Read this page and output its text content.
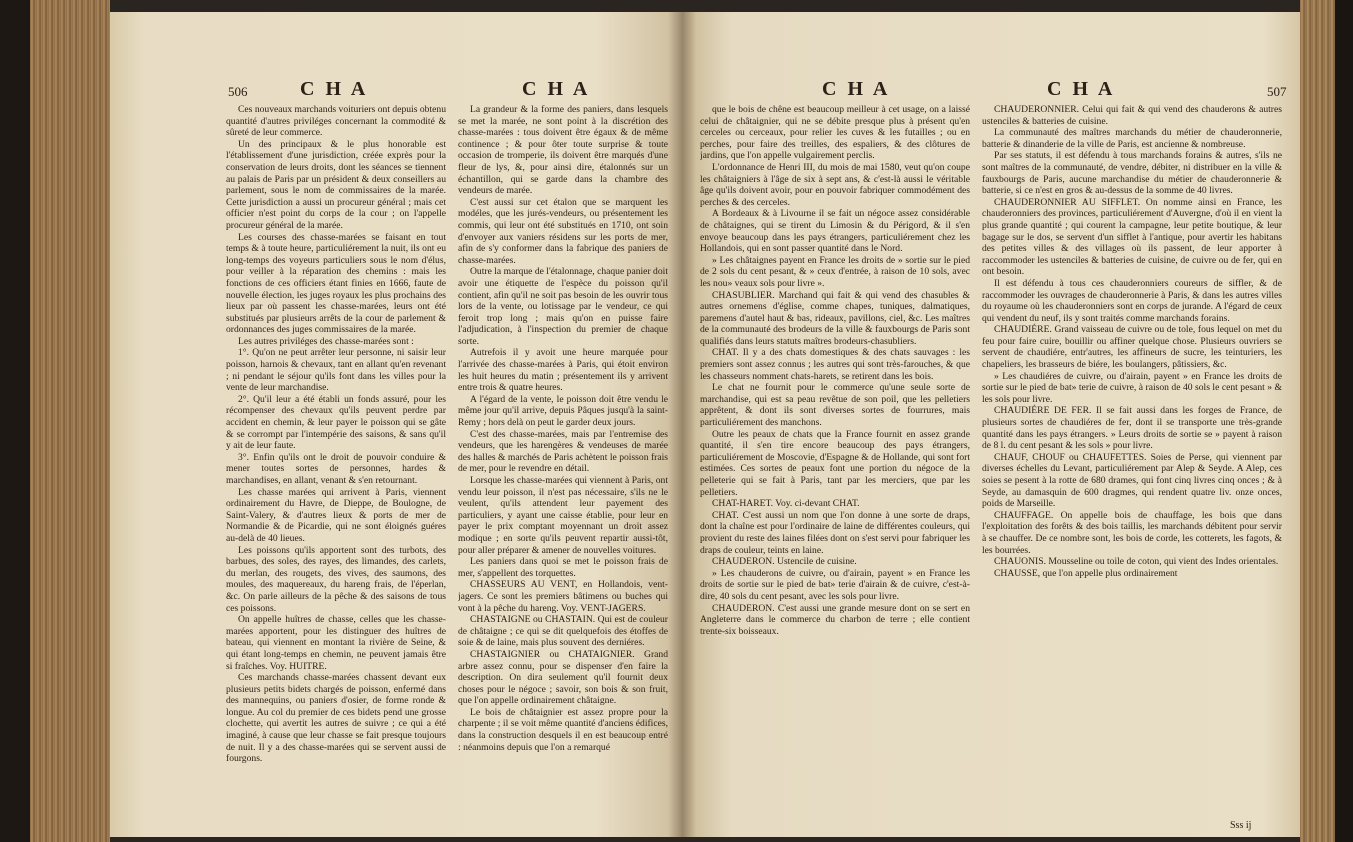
506	C H A	C H A

Ces nouveaux marchands voituriers ont depuis obtenu quantité d'autres priviléges concernant la commodité & sûreté de leur commerce.

Un des principaux & le plus honorable est l'établissement d'une jurisdiction, créée exprès pour la conservation de leurs droits, dont les séances se tiennent au palais de Paris par un président & deux conseillers au parlement, sous le nom de commissaires de la marée. Cette jurisdiction a aussi un procureur général ; mais cet officier n'est point du corps de la cour ; on l'appelle procureur général de la marée.

Les courses des chasse-marées se faisant en tout temps & à toute heure, particuliérement la nuit, ils ont eu long-temps des voyeurs particuliers sous le nom d'élus, pour veiller à la réparation des chemins : mais les fonctions de ces officiers étant finies en 1666, faute de nouvelle élection, les juges royaux les plus prochains des lieux par où passent les chasse-marées, leurs ont été substitués par plusieurs arrêts de la cour de parlement & ordonnances des juges commissaires de la marée.

Les autres priviléges des chasse-marées sont :

1°. Qu'on ne peut arrêter leur personne, ni saisir leur poisson, harnois & chevaux, tant en allant qu'en revenant ; ni pendant le séjour qu'ils font dans les villes pour la vente de leur marchandise.

2°. Qu'il leur a été établi un fonds assuré, pour les récompenser des chevaux qu'ils peuvent perdre par accident en chemin, & leur payer le poisson qui se gâte & se corrompt par l'intempérie des saisons, & sans qu'il y ait de leur faute.

3°. Enfin qu'ils ont le droit de pouvoir conduire & mener toutes sortes de personnes, hardes & marchandises, en allant, venant & s'en retournant.

Les chasse marées qui arrivent à Paris, viennent ordinairement du Havre, de Dieppe, de Boulogne, de Saint-Valery, & d'autres lieux & ports de mer de Normandie & de Picardie, qui ne sont éloignés guéres au-delà de 40 lieues.

Les poissons qu'ils apportent sont des turbots, des barbues, des soles, des rayes, des limandes, des carlets, du merlan, des rougets, des vives, des saumons, des moules, des maquereaux, du hareng frais, de l'éperlan, &c. On parle ailleurs de la pêche & des saisons de tous ces poissons.

On appelle huîtres de chasse, celles que les chasse-marées apportent, pour les distinguer des huîtres de bateau, qui viennent en montant la rivière de Seine, & qui étant long-temps en chemin, ne peuvent jamais être si fraîches. Voy. HUITRE.

Ces marchands chasse-marées chassent devant eux plusieurs petits bidets chargés de poisson, enfermé dans des mannequins, ou paniers d'osier, de forme ronde & longue. Au col du premier de ces bidets pend une grosse clochette, qui avertit les autres de suivre ; ce qui a été imaginé, à cause que leur chasse se fait presque toujours de nuit. Il y a des chasse-marées qui se servent aussi de fourgons.

La grandeur & la forme des paniers, dans lesquels se met la marée, ne sont point à la discrétion des chasse-marées : tous doivent être égaux & de même continence ; & pour ôter toute surprise & toute occasion de tromperie, ils doivent être marqués d'une fleur de lys, &, pour ainsi dire, étalonnés sur un échantillon, qui se garde dans la chambre des vendeurs de marée.

C'est aussi sur cet étalon que se marquent les modéles, que les jurés-vendeurs, ou présentement les commis, qui leur ont été substitués en 1710, ont soin d'envoyer aux vaniers résidens sur les ports de mer, afin de s'y conformer dans la fabrique des paniers de chasse-marées.

Outre la marque de l'étalonnage, chaque panier doit avoir une étiquette de l'espèce du poisson qu'il contient, afin qu'il ne soit pas besoin de les ouvrir tous lors de la vente, ou lotissage par le vendeur, ce qui feroit trop long ; mais qu'on en puisse faire l'adjudication, à l'inspection du premier de chaque sorte.

Autrefois il y avoit une heure marquée pour l'arrivée des chasse-marées à Paris, qui étoit environ les huit heures du matin ; présentement ils y arrivent entre trois & quatre heures.

A l'égard de la vente, le poisson doit être vendu le même jour qu'il arrive, depuis Pâques jusqu'à la saint-Remy ; hors delà on peut le garder deux jours.

C'est des chasse-marées, mais par l'entremise des vendeurs, que les harengères & vendeuses de marée des halles & marchés de Paris achètent le poisson frais de mer, pour le revendre en détail.

Lorsque les chasse-marées qui viennent à Paris, ont vendu leur poisson, il n'est pas nécessaire, s'ils ne le veulent, qu'ils attendent leur payement des particuliers, y ayant une caisse établie, pour leur en payer le prix comptant moyennant un droit assez modique ; en sorte qu'ils peuvent repartir aussi-tôt, pour aller préparer & amener de nouvelles voitures.

Les paniers dans quoi se met le poisson frais de mer, s'appellent des torquettes.

CHASSEURS AU VENT, en Hollandois, vent-jagers. Ce sont les premiers bâtimens ou buches qui vont à la pêche du hareng. Voy. VENT-JAGERS.

CHASTAIGNE ou CHASTAIN. Qui est de couleur de châtaigne ; ce qui se dit quelquefois des étoffes de soie & de laine, mais plus souvent des derniéres.

CHASTAIGNIER ou CHATAIGNIER. Grand arbre assez connu, pour se dispenser d'en faire la description. On dira seulement qu'il fournit deux choses pour le négoce ; savoir, son bois & son fruit, que l'on appelle ordinairement châtaigne.

Le bois de châtaignier est assez propre pour la charpente ; il se voit même quantité d'anciens édifices, dans la construction desquels il en est beaucoup entré : néanmoins depuis que l'on a remarqué

C H A	C H A	507

que le bois de chêne est beaucoup meilleur à cet usage, on a laissé celui de châtaignier, qui ne se débite presque plus à présent qu'en cerceles ou cerceaux, pour relier les cuves & les futailles ; ou en perches, pour faire des treilles, des espaliers, & des clôtures de jardins, que l'on appelle vulgairement perclis.

L'ordonnance de Henri III, du mois de mai 1580, veut qu'on coupe les châtaigniers à l'âge de six à sept ans, & c'est-là aussi le véritable âge qu'ils doivent avoir, pour en pouvoir fabriquer commodément des perches & des cerceles.

A Bordeaux & à Livourne il se fait un négoce assez considérable de châtaignes, qui se tirent du Limosin & du Périgord, & il s'en envoye beaucoup dans les pays étrangers, particuliérement chez les Hollandois, qui en sont passer quantité dans le Nord.

» Les châtaignes payent en France les droits de » sortie sur le pied de 2 sols du cent pesant, & » ceux d'entrée, à raison de 10 sols, avec les nou» veaux sols pour livre ».

CHASUBLIER. Marchand qui fait & qui vend des chasubles & autres ornemens d'église, comme chapes, tuniques, dalmatiques, paremens d'autel haut & bas, rideaux, pavillons, ciel, &c. Les maîtres de la communauté des brodeurs de la ville & fauxbourgs de Paris sont qualifiés dans leurs statuts maîtres brodeurs-chasubliers.

CHAT. Il y a des chats domestiques & des chats sauvages : les premiers sont assez connus ; les autres qui sont très-farouches, & que les chasseurs nomment chats-harets, se retirent dans les bois.

Le chat ne fournit pour le commerce qu'une seule sorte de marchandise, qui est sa peau revêtue de son poil, que les pelletiers apprêtent, & dont ils sont diverses sortes de fourrures, mais particuliérement des manchons.

Outre les peaux de chats que la France fournit en assez grande quantité, il s'en tire encore beaucoup des pays étrangers, particuliérement de Moscovie, d'Espagne & de Hollande, qui sont fort estimées. Ces sortes de peaux font une portion du négoce de la pelleterie qui se fait à Paris, tant par les merciers, que par les pelletiers.

CHAT-HARET. Voy. ci-devant CHAT.

CHAT. C'est aussi un nom que l'on donne à une sorte de draps, dont la chaîne est pour l'ordinaire de laine de différentes couleurs, qui provient du reste des laines filées dont on s'est servi pour fabriquer les draps de couleur, teints en laine.

CHAUDERON. Ustencile de cuisine.

» Les chauderons de cuivre, ou d'airain, payent » en France les droits de sortie sur le pied de bat» terie d'airain & de cuivre, c'est-à-dire, 40 sols du cent pesant, avec les sols pour livre.

CHAUDERON. C'est aussi une grande mesure dont on se sert en Angleterre dans le commerce du charbon de terre ; elle contient trente-six boisseaux.

CHAUDERONNIER. Celui qui fait & qui vend des chauderons & autres ustenciles & batteries de cuisine.

La communauté des maîtres marchands du métier de chauderonnerie, batterie & dinanderie de la ville de Paris, est ancienne & nombreuse.

Par ses statuts, il est défendu à tous marchands forains & autres, s'ils ne sont maîtres de la communauté, de vendre, débiter, ni distribuer en la ville & fauxbourgs de Paris, aucune marchandise du métier de chauderonnerie & batterie, si ce n'est en gros & au-dessus de la somme de 40 livres.

CHAUDERONNIER AU SIFFLET. On nomme ainsi en France, les chauderonniers des provinces, particuliérement d'Auvergne, d'où il en vient la plus grande quantité ; qui courent la campagne, leur petite boutique, & leur bagage sur le dos, se servent d'un sifflet à l'antique, pour avertir les habitans des petites villes & des villages où ils passent, de leur apporter à raccommoder les ustenciles & batteries de cuisine, de cuivre ou de fer, qui en ont besoin.

Il est défendu à tous ces chauderonniers coureurs de siffler, & de raccommoder les ouvrages de chauderonnerie à Paris, & dans les autres villes du royaume où les chauderonniers sont en corps de jurande. A l'égard de ceux qui vendent du neuf, ils y sont traités comme marchands forains.

CHAUDIÉRE. Grand vaisseau de cuivre ou de tole, fous lequel on met du feu pour faire cuire, bouillir ou affiner quelque chose. Plusieurs ouvriers se servent de chaudiére, entr'autres, les affineurs de sucre, les teinturiers, les chapeliers, les brasseurs de biére, les boulangers, pâtissiers, &c.

» Les chaudiéres de cuivre, ou d'airain, payent » en France les droits de sortie sur le pied de bat» terie de cuivre, à raison de 40 sols le cent pesant » & les sols pour livre.

CHAUDIÉRE DE FER. Il se fait aussi dans les forges de France, de plusieurs sortes de chaudiéres de fer, dont il se transporte une très-grande quantité dans les pays étrangers. » Leurs droits de sortie se » payent à raison de 8 l. du cent pesant & les sols » pour livre.

CHAUF, CHOUF ou CHAUFETTES. Soies de Perse, qui viennent par diverses échelles du Levant, particuliérement par Alep & Seyde. A Alep, ces soies se pesent à la rotte de 680 drames, qui font cinq livres cinq onces ; & à Seyde, au damasquin de 600 dragmes, qui rendent quatre liv. onze onces, poids de Marseille.

CHAUFFAGE. On appelle bois de chauffage, les bois que dans l'exploitation des forêts & des bois taillis, les marchands débitent pour servir à se chauffer. De ce nombre sont, les bois de corde, les cotterets, les fagots, & les bourrées.

CHAUONIS. Mousseline ou toile de coton, qui vient des Indes orientales.

CHAUSSE, que l'on appelle plus ordinairement

Sss ij
